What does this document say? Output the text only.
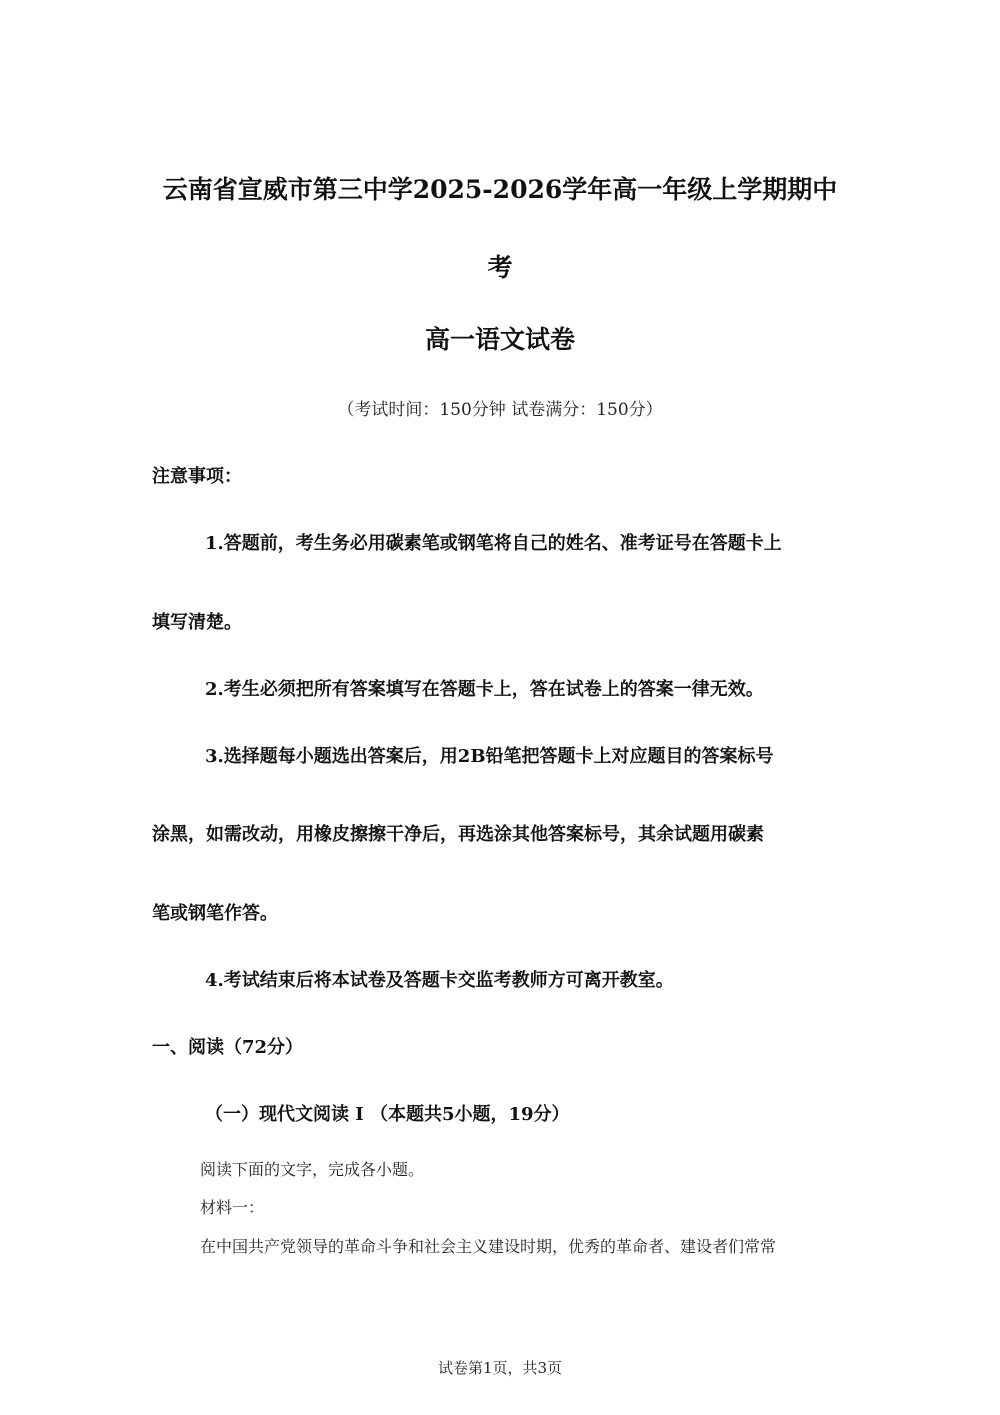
云南省宣威市第三中学2025-2026学年高一年级上学期期中
考
高一语文试卷
（考试时间：150分钟 试卷满分：150分）
注意事项：
1.答题前，考生务必用碳素笔或钢笔将自己的姓名、准考证号在答题卡上
填写清楚。
2.考生必须把所有答案填写在答题卡上，答在试卷上的答案一律无效。
3.选择题每小题选出答案后，用2B铅笔把答题卡上对应题目的答案标号
涂黑，如需改动，用橡皮擦擦干净后，再选涂其他答案标号，其余试题用碳素
笔或钢笔作答。
4.考试结束后将本试卷及答题卡交监考教师方可离开教室。
一、阅读（72分）
（一）现代文阅读 I （本题共5小题，19分）
阅读下面的文字，完成各小题。
材料一：
在中国共产党领导的革命斗争和社会主义建设时期，优秀的革命者、建设者们常常
试卷第1页，共3页
